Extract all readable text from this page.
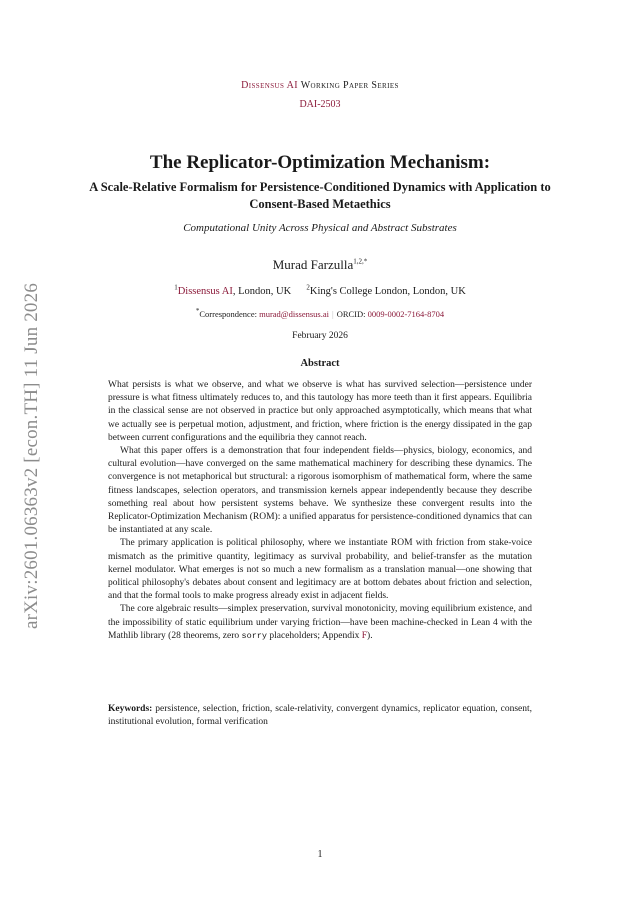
arXiv:2601.06363v2 [econ.TH] 11 Jun 2026
Dissensus AI Working Paper Series
DAI-2503
The Replicator-Optimization Mechanism:
A Scale-Relative Formalism for Persistence-Conditioned Dynamics with Application to Consent-Based Metaethics
Computational Unity Across Physical and Abstract Substrates
Murad Farzulla$^{1,2,*}$
$^1$Dissensus AI, London, UK $^2$King's College London, London, UK
*Correspondence: murad@dissensus.ai | ORCID: 0009-0002-7164-8704
February 2026
Abstract

What persists is what we observe, and what we observe is what has survived selection—persistence under pressure is what fitness ultimately reduces to, and this tautology has more teeth than it first appears. Equilibria in the classical sense are not observed in practice but only approached asymptotically, which means that what we actually see is perpetual motion, adjustment, and friction, where friction is the energy dissipated in the gap between current configurations and the equilibria they cannot reach.

What this paper offers is a demonstration that four independent fields—physics, biology, economics, and cultural evolution—have converged on the same mathematical machinery for describing these dynamics. The convergence is not metaphorical but structural: a rigorous isomorphism of mathematical form, where the same fitness landscapes, selection operators, and transmission kernels appear independently because they describe something real about how persistent systems behave. We synthesize these convergent results into the Replicator-Optimization Mechanism (ROM): a unified apparatus for persistence-conditioned dynamics that can be instantiated at any scale.

The primary application is political philosophy, where we instantiate ROM with friction from stake-voice mismatch as the primitive quantity, legitimacy as survival probability, and belief-transfer as the mutation kernel modulator. What emerges is not so much a new formalism as a translation manual—one showing that political philosophy's debates about consent and legitimacy are at bottom debates about friction and selection, and that the formal tools to make progress already exist in adjacent fields.

The core algebraic results—simplex preservation, survival monotonicity, moving equilibrium existence, and the impossibility of static equilibrium under varying friction—have been machine-checked in Lean 4 with the Mathlib library (28 theorems, zero sorry placeholders; Appendix F).

Keywords: persistence, selection, friction, scale-relativity, convergent dynamics, replicator equation, consent, institutional evolution, formal verification
1
